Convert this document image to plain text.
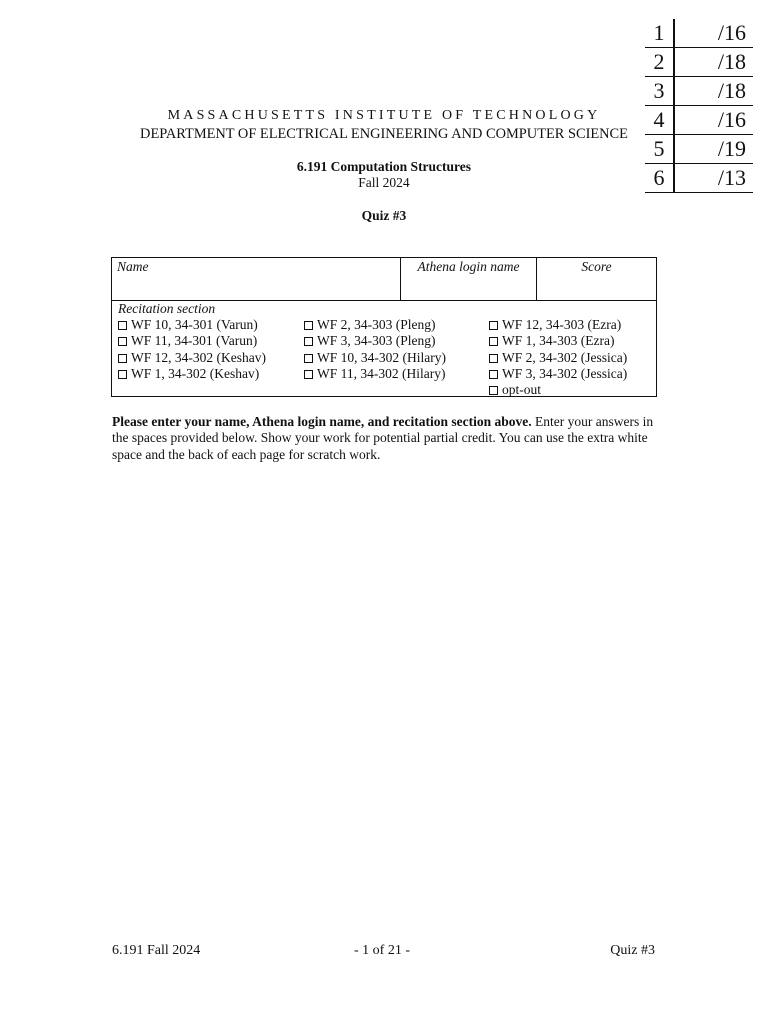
1	/16
2	/18
3	/18
4	/16
5	/19
6	/13
MASSACHUSETTS INSTITUTE OF TECHNOLOGY
DEPARTMENT OF ELECTRICAL ENGINEERING AND COMPUTER SCIENCE
6.191 Computation Structures
Fall 2024
Quiz #3
Name	Athena login name	Score
Recitation section
WF 10, 34-301 (Varun)
WF 11, 34-301 (Varun)
WF 12, 34-302 (Keshav)
WF 1, 34-302 (Keshav)
WF 2, 34-303 (Pleng)
WF 3, 34-303 (Pleng)
WF 10, 34-302 (Hilary)
WF 11, 34-302 (Hilary)
WF 12, 34-303 (Ezra)
WF 1, 34-303 (Ezra)
WF 2, 34-302 (Jessica)
WF 3, 34-302 (Jessica)
opt-out
Please enter your name, Athena login name, and recitation section above. Enter your answers in the spaces provided below. Show your work for potential partial credit. You can use the extra white space and the back of each page for scratch work.
6.191 Fall 2024	- 1 of 21 -	Quiz #3
